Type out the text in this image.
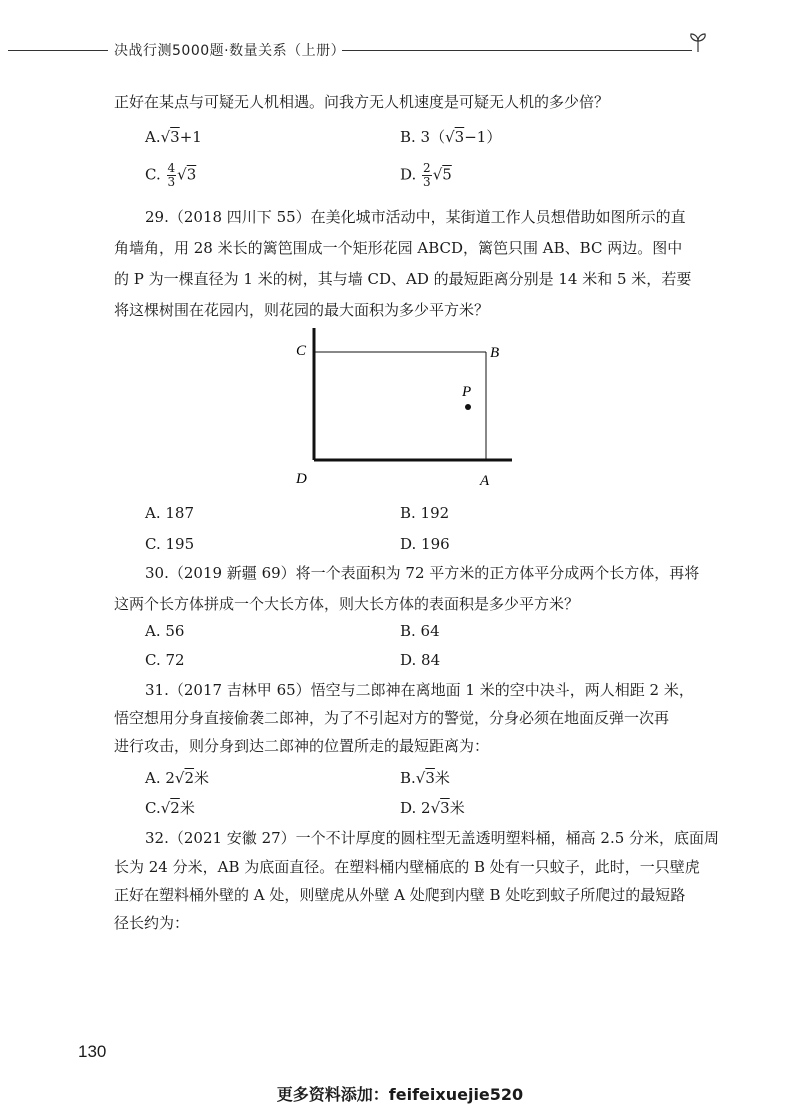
决战行测5000题·数量关系（上册）
正好在某点与可疑无人机相遇。问我方无人机速度是可疑无人机的多少倍？
A.√3+1	B. 3（√3−1）
C. $\frac{4}{3} √3$	D. $\frac{2}{3} √5$
29.（2018 四川下 55）在美化城市活动中，某街道工作人员想借助如图所示的直
角墙角，用 28 米长的篱笆围成一个矩形花园 ABCD，篱笆只围 AB、BC 两边。图中
的 P 为一棵直径为 1 米的树，其与墙 CD、AD 的最短距离分别是 14 米和 5 米，若要
将这棵树围在花园内，则花园的最大面积为多少平方米？
C	B
P
D	A
A. 187	B. 192
C. 195	D. 196
30.（2019 新疆 69）将一个表面积为 72 平方米的正方体平分成两个长方体，再将
这两个长方体拼成一个大长方体，则大长方体的表面积是多少平方米？
A. 56	B. 64
C. 72	D. 84
31.（2017 吉林甲 65）悟空与二郎神在离地面 1 米的空中决斗，两人相距 2 米，
悟空想用分身直接偷袭二郎神，为了不引起对方的警觉，分身必须在地面反弹一次再
进行攻击，则分身到达二郎神的位置所走的最短距离为：
A. 2√2米	B.√3米
C.√2米	D. 2√3米
32.（2021 安徽 27）一个不计厚度的圆柱型无盖透明塑料桶，桶高 2.5 分米，底面周
长为 24 分米，AB 为底面直径。在塑料桶内壁桶底的 B 处有一只蚊子，此时，一只壁虎
正好在塑料桶外壁的 A 处，则壁虎从外壁 A 处爬到内壁 B 处吃到蚊子所爬过的最短路
径长约为：
130
更多资料添加：feifeixuejie520
